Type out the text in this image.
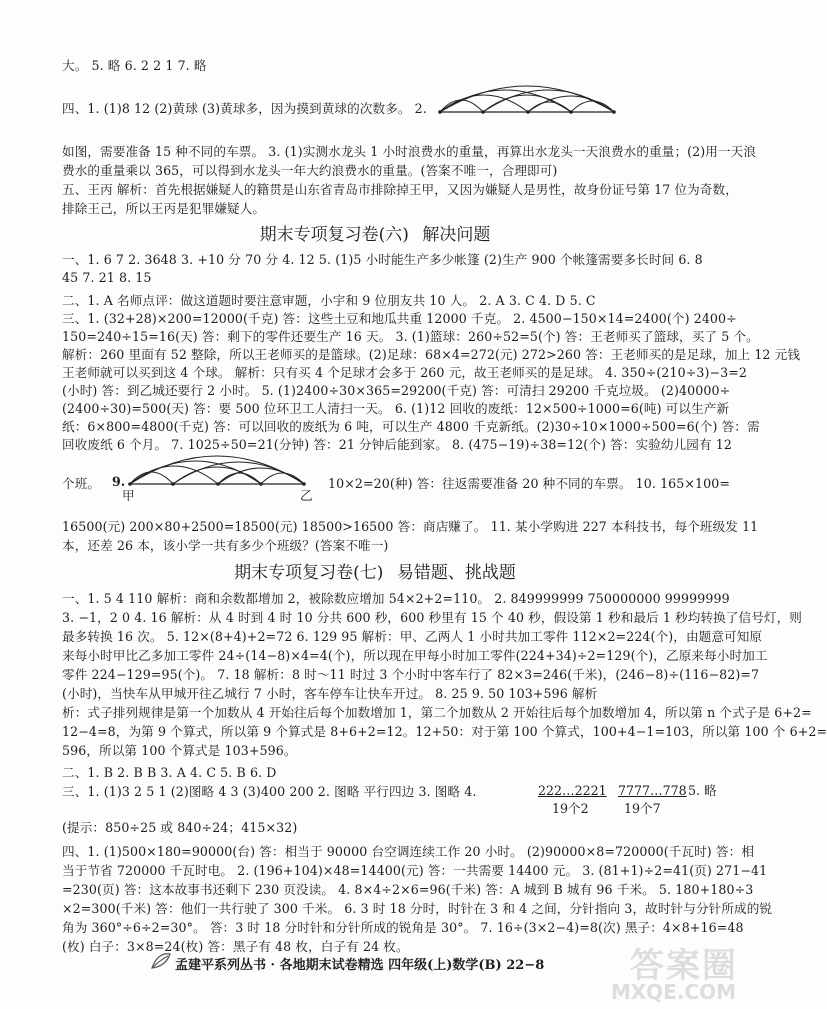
大。 5. 略 6. 2 2 1 7. 略
四、1. (1)8 12 (2)黄球 (3)黄球多，因为摸到黄球的次数多。 2.
如图，需要准备 15 种不同的车票。 3. (1)实测水龙头 1 小时浪费水的重量，再算出水龙头一天浪费水的重量；(2)用一天浪
费水的重量乘以 365，可以得到水龙头一年大约浪费水的重量。(答案不唯一，合理即可)
五、王丙 解析：首先根据嫌疑人的籍贯是山东省青岛市排除掉王甲，又因为嫌疑人是男性，故身份证号第 17 位为奇数，
排除王己，所以王丙是犯罪嫌疑人。
期末专项复习卷(六) 解决问题
一、1. 6 7 2. 3648 3. +10 分 70 分 4. 12 5. (1)5 小时能生产多少帐篷 (2)生产 900 个帐篷需要多长时间 6. 8
45 7. 21 8. 15
二、1. A 名师点评：做这道题时要注意审题，小宇和 9 位朋友共 10 人。 2. A 3. C 4. D 5. C
三、1. (32+28)×200=12000(千克) 答：这些土豆和地瓜共重 12000 千克。 2. 4500−150×14=2400(个) 2400÷
150=240÷15=16(天) 答：剩下的零件还要生产 16 天。 3. (1)篮球：260÷52=5(个) 答：王老师买了篮球，买了 5 个。
解析：260 里面有 52 整除，所以王老师买的是篮球。(2)足球：68×4=272(元) 272>260 答：王老师买的是足球，加上 12 元钱
王老师就可以买到这 4 个球。 解析：只有买 4 个足球才会多于 260 元，故王老师买的是足球。 4. 350÷(210÷3)−3=2
(小时) 答：到乙城还要行 2 小时。 5. (1)2400÷30×365=29200(千克) 答：可清扫 29200 千克垃圾。 (2)40000÷
(2400÷30)=500(天) 答：要 500 位环卫工人清扫一天。 6. (1)12 回收的废纸：12×500÷1000=6(吨) 可以生产新
纸：6×800=4800(千克) 答：可以回收的废纸为 6 吨，可以生产 4800 千克新纸。(2)30÷10×1000÷500=6(个) 答：需
回收废纸 6 个月。 7. 1025÷50=21(分钟) 答：21 分钟后能到家。 8. (475−19)÷38=12(个) 答：实验幼儿园有 12
个班。 9.
甲	乙
10×2=20(种) 答：往返需要准备 20 种不同的车票。 10. 165×100=
16500(元) 200×80+2500=18500(元) 18500>16500 答：商店赚了。 11. 某小学购进 227 本科技书，每个班级发 11
本，还差 26 本，该小学一共有多少个班级？(答案不唯一)
期末专项复习卷(七) 易错题、挑战题
一、1. 5 4 110 解析：商和余数都增加 2，被除数应增加 54×2+2=110。 2. 849999999 750000000 99999999
3. −1，2 0 4. 16 解析：从 4 时到 4 时 10 分共 600 秒，600 秒里有 15 个 40 秒，假设第 1 秒和最后 1 秒均转换了信号灯，则
最多转换 16 次。 5. 12×(8+4)+2=72 6. 129 95 解析：甲、乙两人 1 小时共加工零件 112×2=224(个)，由题意可知原
来每小时甲比乙多加工零件 24÷(14−8)×4=4(个)，所以现在甲每小时加工零件(224+34)÷2=129(个)，乙原来每小时加工
零件 224−129=95(个)。 7. 18 解析：8 时～11 时过 3 个小时中客车行了 82×3=246(千米)，(246−8)÷(116−82)=7
(小时)，当快车从甲城开往乙城行 7 小时，客车停车让快车开过。 8. 25 9. 50 103+596 解析
析：式子排列规律是第一个加数从 4 开始往后每个加数增加 1，第二个加数从 2 开始往后每个加数增加 4，所以第 n 个式子是 6+2=
12−4=8，为第 9 个算式，所以第 9 个算式是 8+6+2=12。12+50：对于第 100 个算式，100+4−1=103，所以第 100 个 6+2=
596，所以第 100 个算式是 103+596。
二、1. B 2. B B 3. A 4. C 5. B 6. D
三、1. (1)3 2 5 1 (2)图略 4 3 (3)400 200 2. 图略 平行四边 3. 图略 4.	222…2221 7777…778 5. 略
19个2	19个7
(提示：850÷25 或 840÷24；415×32)
四、1. (1)500×180=90000(台) 答：相当于 90000 台空调连续工作 20 小时。 (2)90000×8=720000(千瓦时) 答：相
当于节省 720000 千瓦时电。 2. (196+104)×48=14400(元) 答：一共需要 14400 元。 3. (81+1)÷2=41(页) 271−41
=230(页) 答：这本故事书还剩下 230 页没读。 4. 8×4÷2×6=96(千米) 答：A 城到 B 城有 96 千米。 5. 180+180÷3
×2=300(千米) 答：他们一共行驶了 300 千米。 6. 3 时 18 分时，时针在 3 和 4 之间，分针指向 3，故时针与分针所成的锐
角为 360°÷6÷2=30°。 答：3 时 18 分时针和分针所成的锐角是 30°。 7. 16÷(3×2−4)=8(次) 黑子：4×8+16=48
(枚) 白子：3×8=24(枚) 答：黑子有 48 枚，白子有 24 枚。
孟建平系列丛书 · 各地期末试卷精选 四年级(上)数学(B) 22−8	答案圈
MXQE.COM
